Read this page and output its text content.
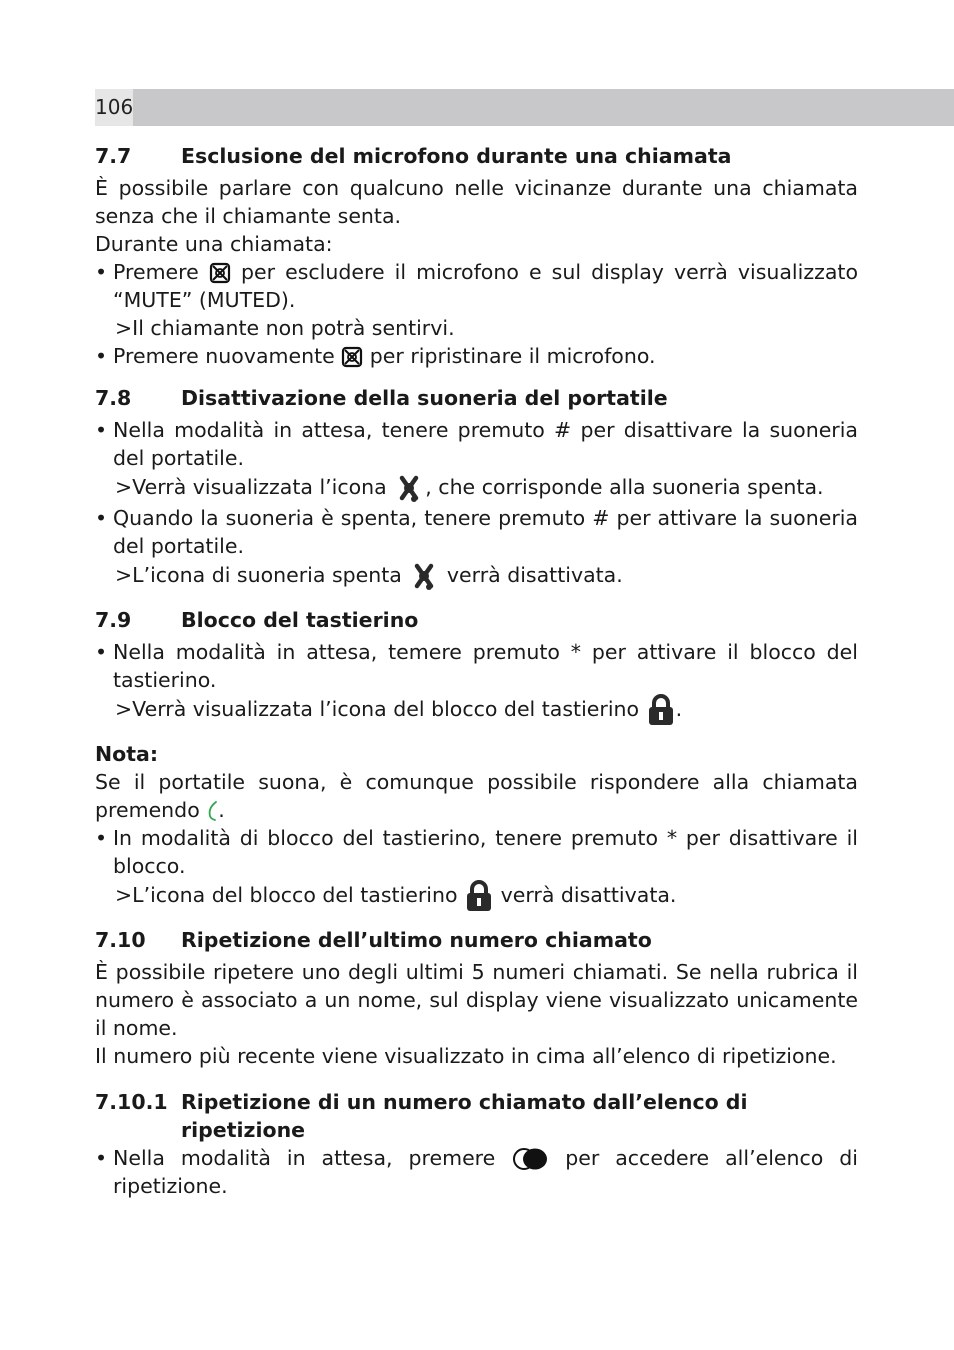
106
7.7	Esclusione del microfono durante una chiamata

È possibile parlare con qualcuno nelle vicinanze durante una chiamata senza che il chiamante senta.

Durante una chiamata:

• Premere per escludere il microfono e sul display verrà visualizzato “MUTE” (MUTED).
>Il chiamante non potrà sentirvi.
• Premere nuovamente per ripristinare il microfono.
7.8	Disattivazione della suoneria del portatile
• Nella modalità in attesa, tenere premuto # per disattivare la suoneria del portatile.
>Verrà visualizzata l’icona , che corrisponde alla suoneria spenta.
• Quando la suoneria è spenta, tenere premuto # per attivare la suoneria del portatile.
>L’icona di suoneria spenta verrà disattivata.
7.9	Blocco del tastierino
• Nella modalità in attesa, temere premuto * per attivare il blocco del tastierino.
>Verrà visualizzata l’icona del blocco del tastierino .

Nota:

Se il portatile suona, è comunque possibile rispondere alla chiamata premendo .

• In modalità di blocco del tastierino, tenere premuto * per disattivare il blocco.
>L’icona del blocco del tastierino verrà disattivata.
7.10	Ripetizione dell’ultimo numero chiamato

È possibile ripetere uno degli ultimi 5 numeri chiamati. Se nella rubrica il numero è associato a un nome, sul display viene visualizzato unicamente il nome.

Il numero più recente viene visualizzato in cima all’elenco di ripetizione.

7.10.1 Ripetizione di un numero chiamato dall’elenco di ripetizione
• Nella modalità in attesa, premere	per accedere all’elenco di ripetizione.
